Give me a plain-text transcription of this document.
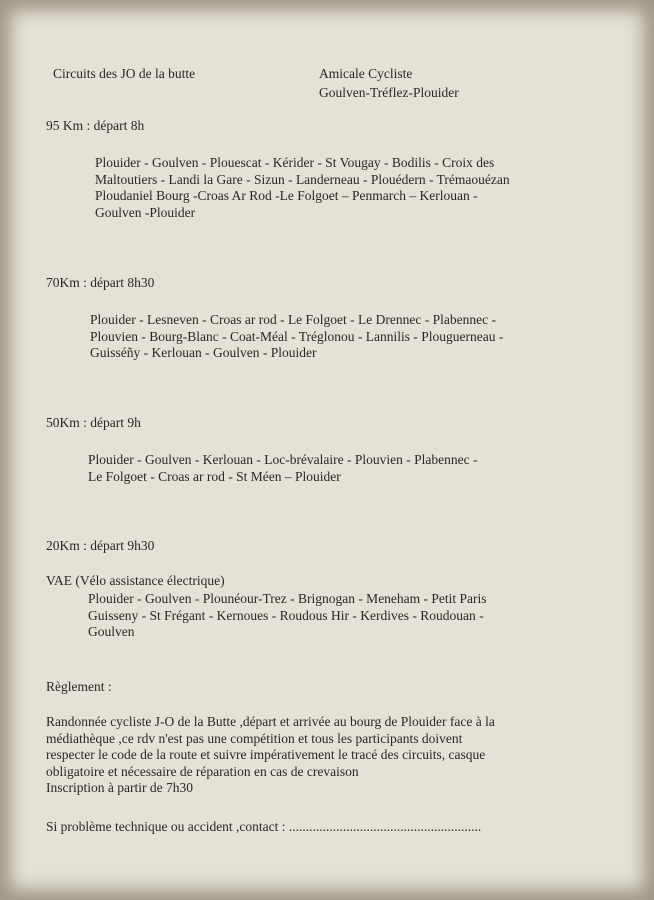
Circuits des JO de la butte	Amicale Cycliste
Goulven-Tréflez-Plouider
95 Km : départ 8h
Plouider - Goulven - Plouescat - Kérider - St Vougay - Bodilis - Croix des
Maltoutiers - Landi la Gare - Sizun - Landerneau - Plouédern - Trémaouézan
Ploudaniel Bourg -Croas Ar Rod -Le Folgoet – Penmarch – Kerlouan -
Goulven -Plouider
70Km : départ 8h30
Plouider - Lesneven - Croas ar rod - Le Folgoet - Le Drennec - Plabennec -
Plouvien - Bourg-Blanc - Coat-Méal - Tréglonou - Lannilis - Plouguerneau -
Guisséñy - Kerlouan - Goulven - Plouider
50Km : départ 9h
Plouider - Goulven - Kerlouan - Loc-brévalaire - Plouvien - Plabennec -
Le Folgoet - Croas ar rod - St Méen – Plouider
20Km : départ 9h30
VAE (Vélo assistance électrique)
Plouider - Goulven - Plounéour-Trez - Brignogan - Meneham - Petit Paris
Guisseny - St Frégant - Kernoues - Roudous Hir - Kerdives - Roudouan -
Goulven
Règlement :
Randonnée cycliste J-O de la Butte ,départ et arrivée au bourg de Plouider face à la
médiathèque ,ce rdv n'est pas une compétition et tous les participants doivent
respecter le code de la route et suivre impérativement le tracé des circuits, casque
obligatoire et nécessaire de réparation en cas de crevaison
Inscription à partir de 7h30
Si problème technique ou accident ,contact : .........................................................
